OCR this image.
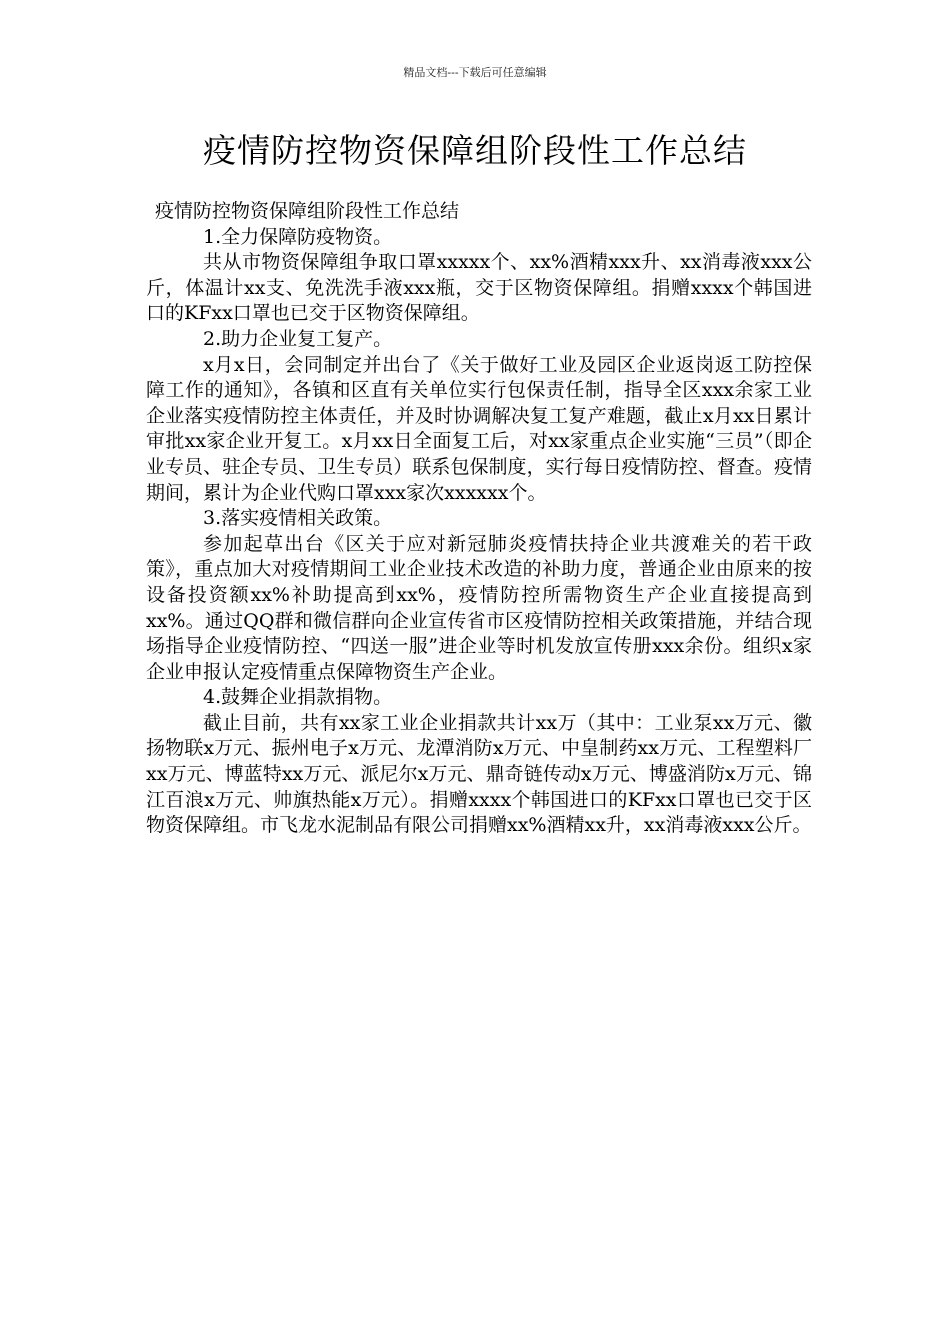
精品文档---下载后可任意编辑
疫情防控物资保障组阶段性工作总结

疫情防控物资保障组阶段性工作总结

1.全力保障防疫物资。

共从市物资保障组争取口罩xxxxx个、xx%酒精xxx升、xx消毒液xxx公斤，体温计xx支、免洗洗手液xxx瓶，交于区物资保障组。捐赠xxxx个韩国进口的KFxx口罩也已交于区物资保障组。

2.助力企业复工复产。

x月x日，会同制定并出台了《关于做好工业及园区企业返岗返工防控保障工作的通知》，各镇和区直有关单位实行包保责任制，指导全区xxx余家工业企业落实疫情防控主体责任，并及时协调解决复工复产难题，截止x月xx日累计审批xx家企业开复工。x月xx日全面复工后，对xx家重点企业实施“三员”（即企业专员、驻企专员、卫生专员）联系包保制度，实行每日疫情防控、督查。疫情期间，累计为企业代购口罩xxx家次xxxxxx个。

3.落实疫情相关政策。

参加起草出台《区关于应对新冠肺炎疫情扶持企业共渡难关的若干政策》，重点加大对疫情期间工业企业技术改造的补助力度，普通企业由原来的按设备投资额xx%补助提高到xx%，疫情防控所需物资生产企业直接提高到xx%。通过QQ群和微信群向企业宣传省市区疫情防控相关政策措施，并结合现场指导企业疫情防控、“四送一服”进企业等时机发放宣传册xxx余份。组织x家企业申报认定疫情重点保障物资生产企业。

4.鼓舞企业捐款捐物。

截止目前，共有xx家工业企业捐款共计xx万（其中：工业泵xx万元、徽扬物联x万元、振州电子x万元、龙潭消防x万元、中皇制药xx万元、工程塑料厂xx万元、博蓝特xx万元、派尼尔x万元、鼎奇链传动x万元、博盛消防x万元、锦江百浪x万元、帅旗热能x万元）。捐赠xxxx个韩国进口的KFxx口罩也已交于区物资保障组。市飞龙水泥制品有限公司捐赠xx%酒精xx升，xx消毒液xxx公斤。
